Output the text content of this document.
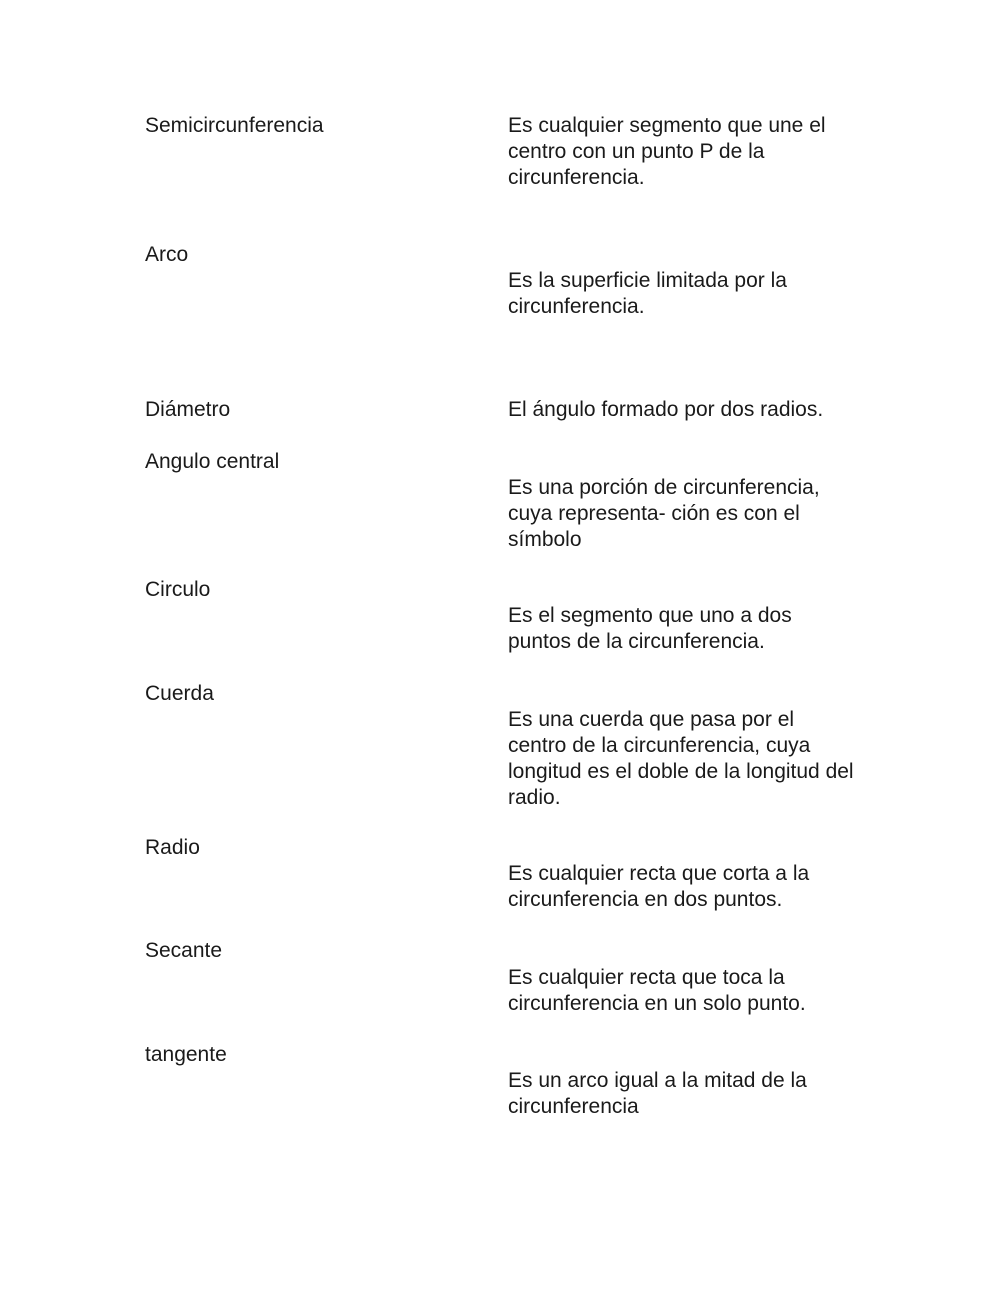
Semicircunferencia

Arco

Diámetro

Angulo central

Circulo

Cuerda

Radio

Secante

tangente

Es cualquier segmento que une el centro con un punto P de la circunferencia.

Es la superficie limitada por la circunferencia.

El ángulo formado por dos radios.

Es una porción de circunferencia, cuya representa- ción es con el símbolo

Es el segmento que uno a dos puntos de la circunferencia.

Es una cuerda que pasa por el centro de la circunferencia, cuya longitud es el doble de la longitud del radio.

Es cualquier recta que corta a la circunferencia en dos puntos.

Es cualquier recta que toca la circunferencia en un solo punto.

Es un arco igual a la mitad de la circunferencia
